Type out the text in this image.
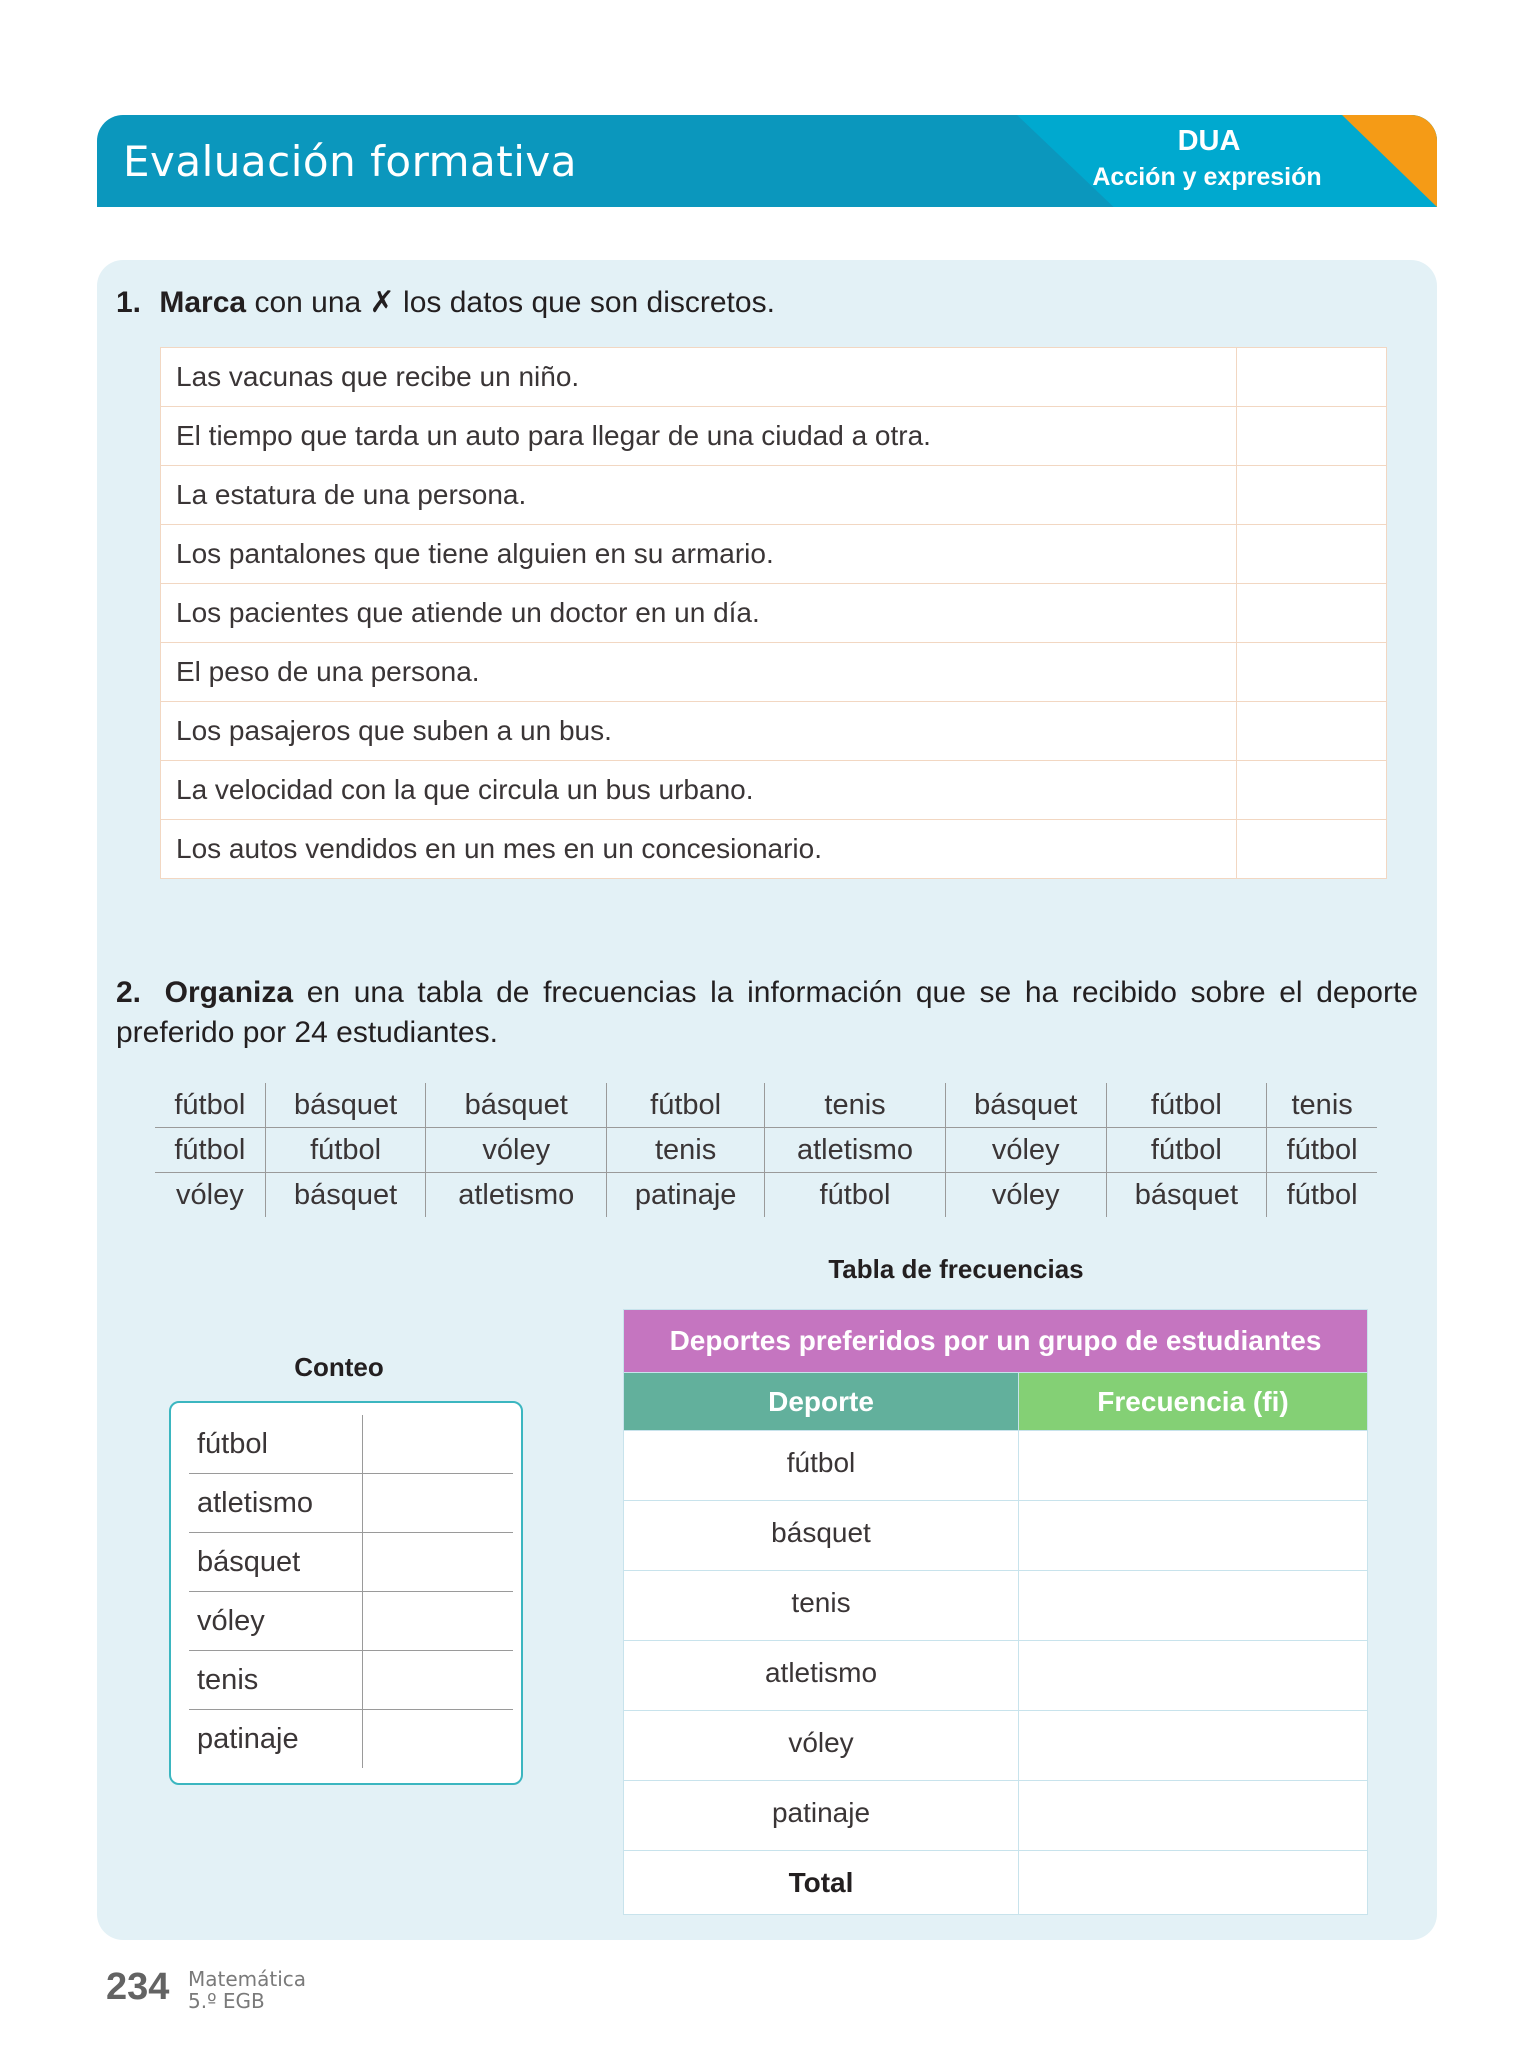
Evaluación formativa	DUA
Acción y expresión
1. Marca con una ✗ los datos que son discretos.
Las vacunas que recibe un niño.	
El tiempo que tarda un auto para llegar de una ciudad a otra.	
La estatura de una persona.	
Los pantalones que tiene alguien en su armario.	
Los pacientes que atiende un doctor en un día.	
El peso de una persona.	
Los pasajeros que suben a un bus.	
La velocidad con la que circula un bus urbano.	
Los autos vendidos en un mes en un concesionario.	
2. Organiza en una tabla de frecuencias la información que se ha recibido sobre el deporte preferido por 24 estudiantes.
fútbol	básquet	básquet	fútbol	tenis	básquet	fútbol	tenis
fútbol	fútbol	vóley	tenis	atletismo	vóley	fútbol	fútbol
vóley	básquet	atletismo	patinaje	fútbol	vóley	básquet	fútbol
Tabla de frecuencias
Conteo
fútbol	
atletismo	
básquet	
vóley	
tenis	
patinaje	
Deportes preferidos por un grupo de estudiantes	
Deporte	Frecuencia (fi)
fútbol	
básquet	
tenis	
atletismo	
vóley	
patinaje	
Total	
234 Matemática
5.º EGB
